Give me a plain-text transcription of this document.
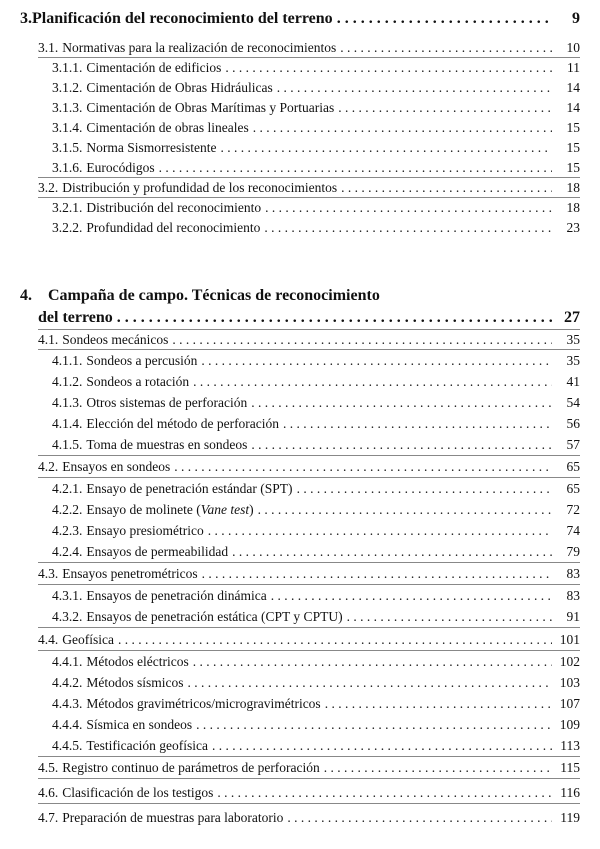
3. Planificación del reconocimiento del terreno . . .	9
3.1. Normativas para la realización de reconocimientos . . .	10
3.1.1. Cimentación de edificios . . .	11
3.1.2. Cimentación de Obras Hidráulicas . . .	14
3.1.3. Cimentación de Obras Marítimas y Portuarias . . .	14
3.1.4. Cimentación de obras lineales . . .	15
3.1.5. Norma Sismorresistente . . .	15
3.1.6. Eurocódigos . . .	15
3.2. Distribución y profundidad de los reconocimientos . . .	18
3.2.1. Distribución del reconocimiento . . .	18
3.2.2. Profundidad del reconocimiento . . .	23
4.	Campaña de campo. Técnicas de reconocimiento
del terreno . . .	27
4.1. Sondeos mecánicos . . .	35
4.1.1. Sondeos a percusión . . .	35
4.1.2. Sondeos a rotación . . .	41
4.1.3. Otros sistemas de perforación . . .	54
4.1.4. Elección del método de perforación . . .	56
4.1.5. Toma de muestras en sondeos . . .	57
4.2. Ensayos en sondeos . . .	65
4.2.1. Ensayo de penetración estándar (SPT) . . .	65
4.2.2. Ensayo de molinete (Vane test) . . .	72
4.2.3. Ensayo presiométrico . . .	74
4.2.4. Ensayos de permeabilidad . . .	79
4.3. Ensayos penetrométricos . . .	83
4.3.1. Ensayos de penetración dinámica . . .	83
4.3.2. Ensayos de penetración estática (CPT y CPTU) . . .	91
4.4. Geofísica . . .	101
4.4.1. Métodos eléctricos . . .	102
4.4.2. Métodos sísmicos . . .	103
4.4.3. Métodos gravimétricos/microgravimétricos . . .	107
4.4.4. Sísmica en sondeos . . .	109
4.4.5. Testificación geofísica . . .	113
4.5. Registro continuo de parámetros de perforación . . .	115
4.6. Clasificación de los testigos . . .	116
4.7. Preparación de muestras para laboratorio . . .	119
